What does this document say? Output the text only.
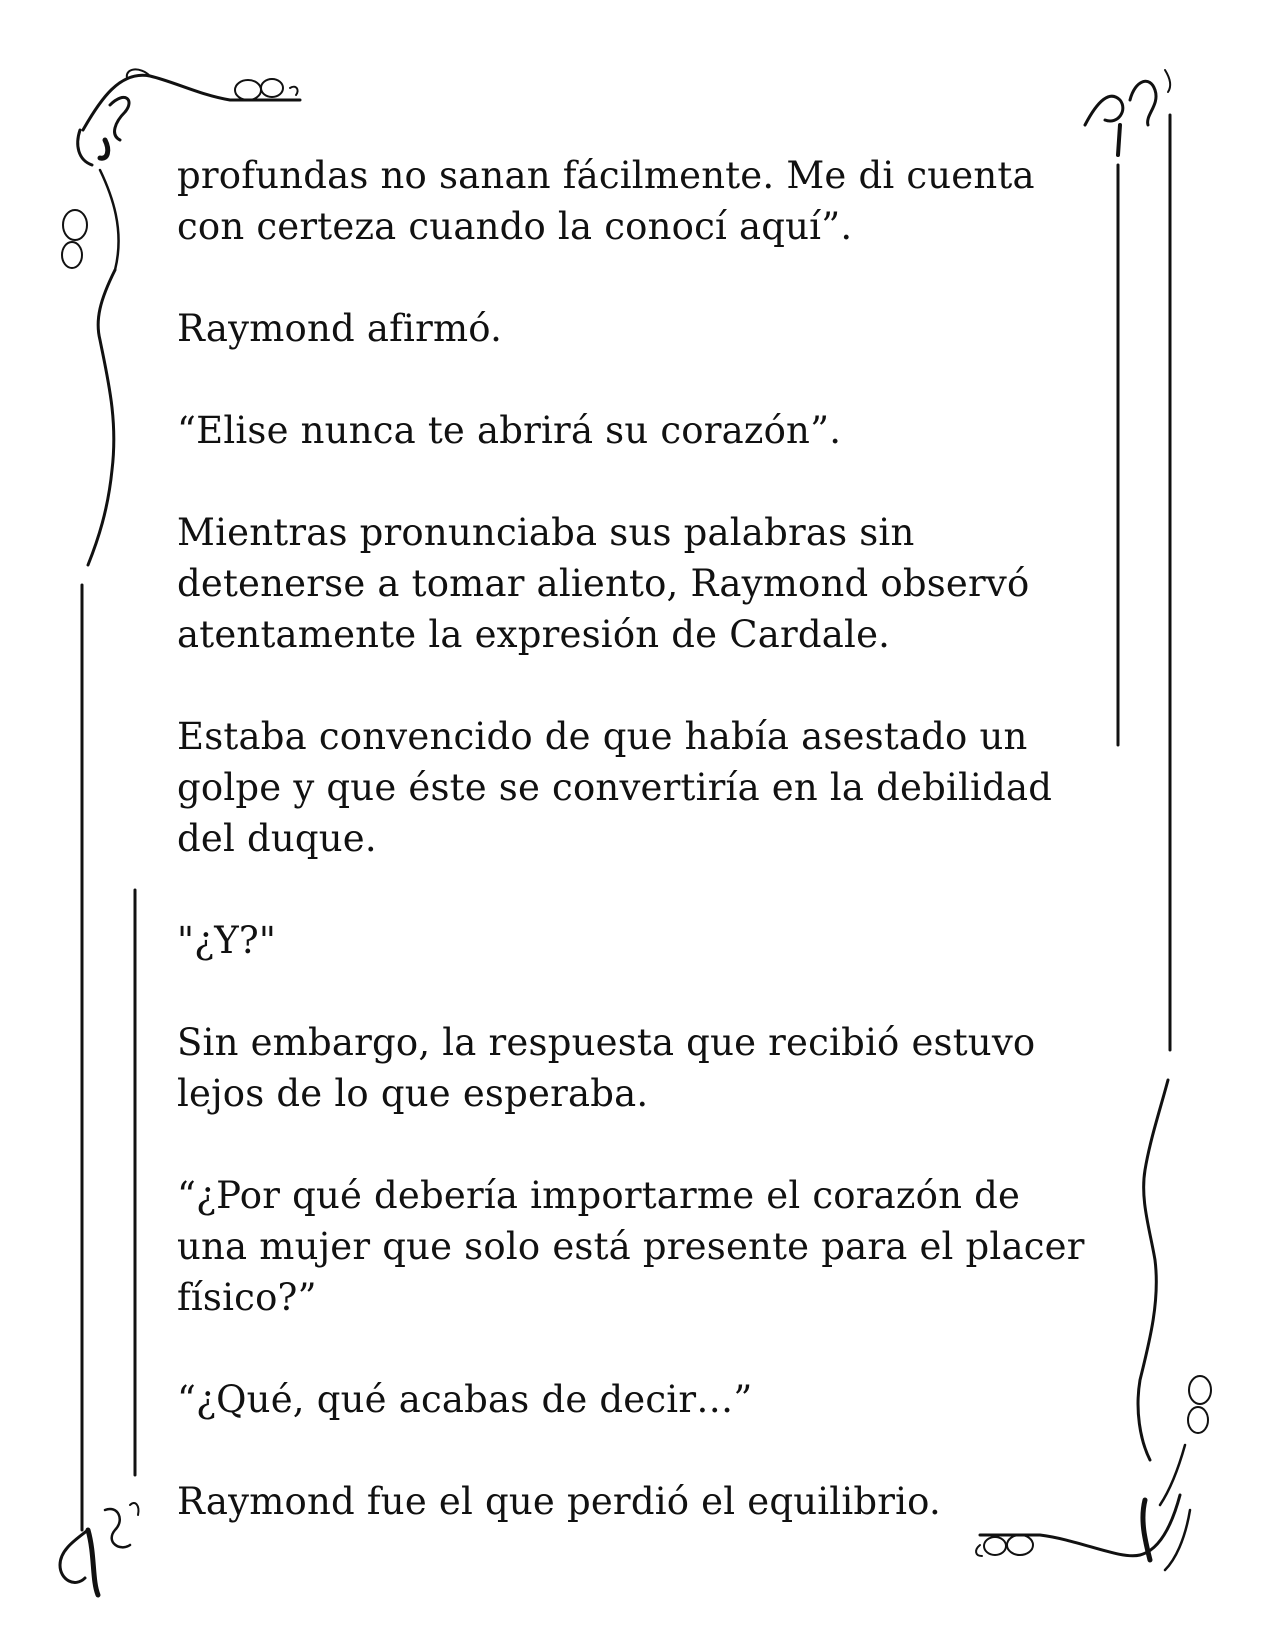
profundas no sanan fácilmente. Me di cuenta
con certeza cuando la conocí aquí”.

Raymond afirmó.

“Elise nunca te abrirá su corazón”.

Mientras pronunciaba sus palabras sin
detenerse a tomar aliento, Raymond observó
atentamente la expresión de Cardale.

Estaba convencido de que había asestado un
golpe y que éste se convertiría en la debilidad
del duque.

"¿Y?"

Sin embargo, la respuesta que recibió estuvo
lejos de lo que esperaba.

“¿Por qué debería importarme el corazón de
una mujer que solo está presente para el placer
físico?”

“¿Qué, qué acabas de decir…”

Raymond fue el que perdió el equilibrio.
